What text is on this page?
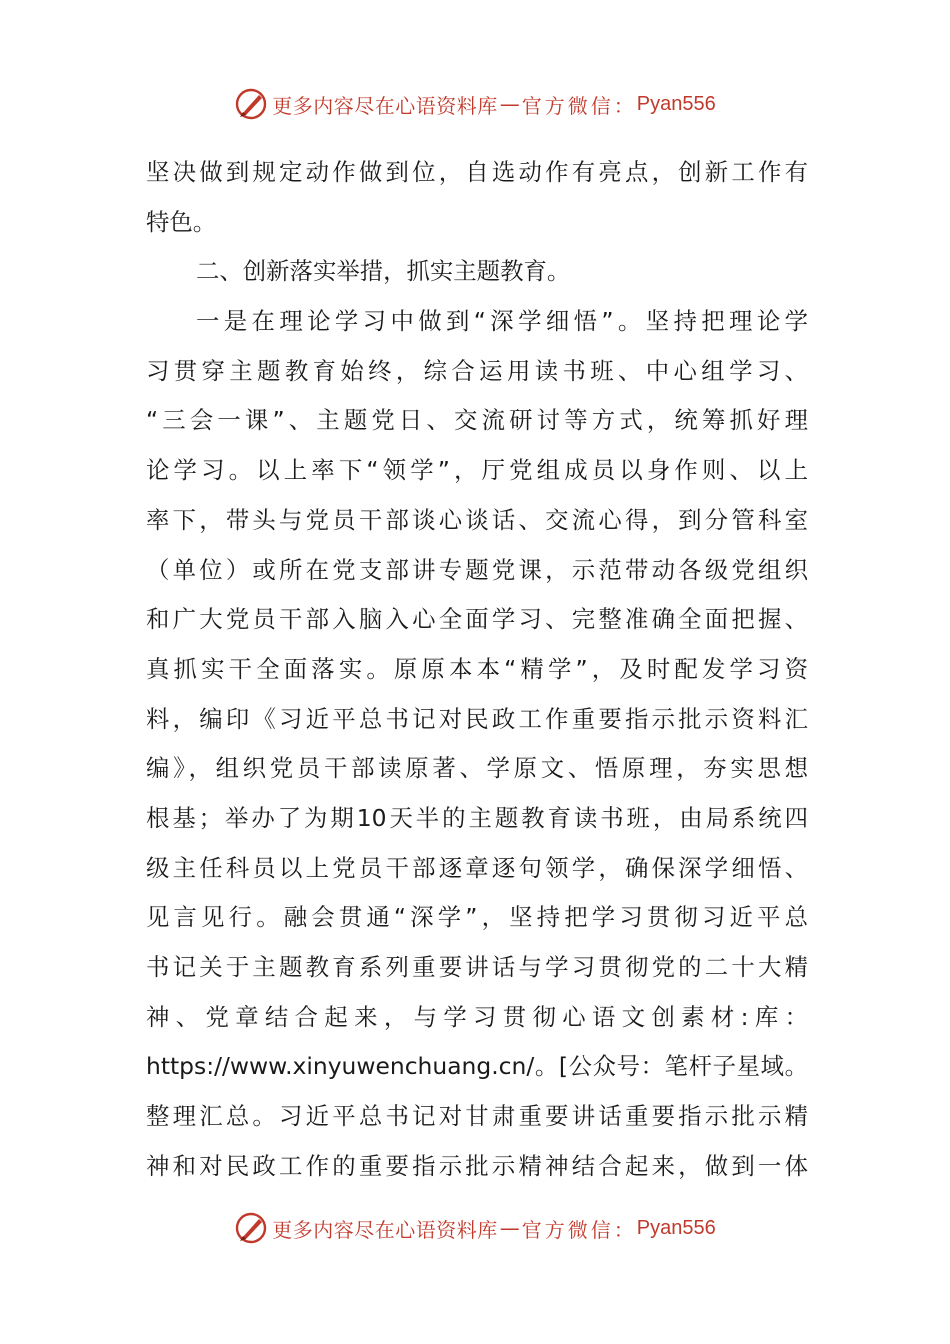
更多内容尽在心语资料库 — 官方微信： Pyan556
坚决做到规定动作做到位，自选动作有亮点，创新工作有
特色。
二、创新落实举措，抓实主题教育。
一是在理论学习中做到“深学细悟”。坚持把理论学
习贯穿主题教育始终，综合运用读书班、中心组学习、
“三会一课”、主题党日、交流研讨等方式，统筹抓好理
论学习。以上率下“领学”，厅党组成员以身作则、以上
率下，带头与党员干部谈心谈话、交流心得，到分管科室
（单位）或所在党支部讲专题党课，示范带动各级党组织
和广大党员干部入脑入心全面学习、完整准确全面把握、
真抓实干全面落实。原原本本“精学”，及时配发学习资
料，编印《习近平总书记对民政工作重要指示批示资料汇
编》，组织党员干部读原著、学原文、悟原理，夯实思想
根基；举办了为期10天半的主题教育读书班，由局系统四
级主任科员以上党员干部逐章逐句领学，确保深学细悟、
见言见行。融会贯通“深学”，坚持把学习贯彻习近平总
书记关于主题教育系列重要讲话与学习贯彻党的二十大精
神、党章结合起来，与学习贯彻心语文创素材:库：
https://www.xinyuwenchuang.cn/。[公众号：笔杆子星域。
整理汇总。习近平总书记对甘肃重要讲话重要指示批示精
神和对民政工作的重要指示批示精神结合起来，做到一体
更多内容尽在心语资料库 — 官方微信： Pyan556
